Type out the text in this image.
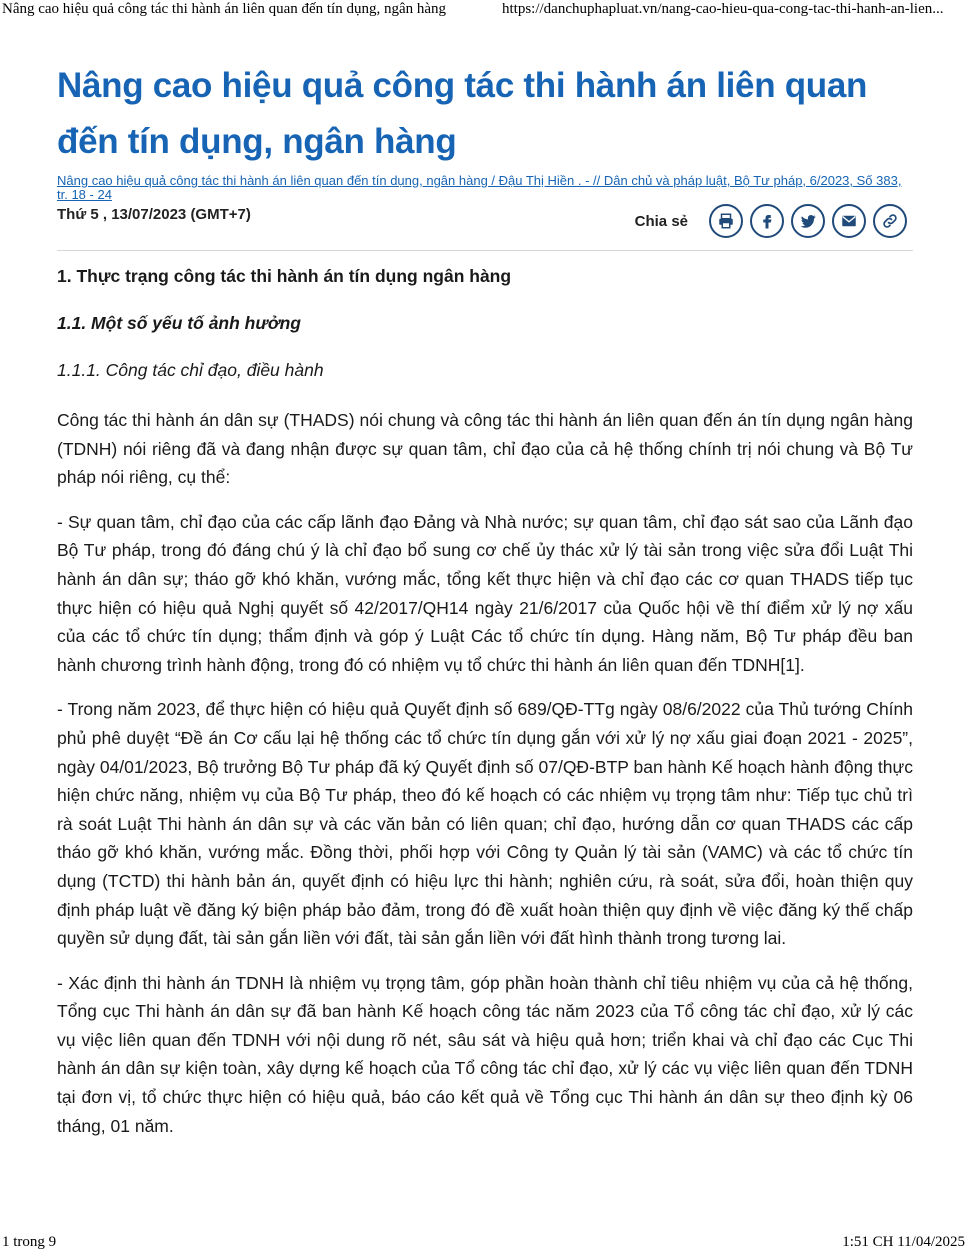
Nâng cao hiệu quả công tác thi hành án liên quan đến tín dụng, ngân hàng	https://danchuphapluat.vn/nang-cao-hieu-qua-cong-tac-thi-hanh-an-lien...
Nâng cao hiệu quả công tác thi hành án liên quan đến tín dụng, ngân hàng
Nâng cao hiệu quả công tác thi hành án liên quan đến tín dụng, ngân hàng / Đậu Thị Hiền . - // Dân chủ và pháp luật, Bộ Tư pháp, 6/2023, Số 383, tr. 18 - 24
Thứ 5 , 13/07/2023 (GMT+7)	Chia sẻ

1. Thực trạng công tác thi hành án tín dụng ngân hàng

1.1. Một số yếu tố ảnh hưởng

1.1.1. Công tác chỉ đạo, điều hành

Công tác thi hành án dân sự (THADS) nói chung và công tác thi hành án liên quan đến án tín dụng ngân hàng (TDNH) nói riêng đã và đang nhận được sự quan tâm, chỉ đạo của cả hệ thống chính trị nói chung và Bộ Tư pháp nói riêng, cụ thể:

- Sự quan tâm, chỉ đạo của các cấp lãnh đạo Đảng và Nhà nước; sự quan tâm, chỉ đạo sát sao của Lãnh đạo Bộ Tư pháp, trong đó đáng chú ý là chỉ đạo bổ sung cơ chế ủy thác xử lý tài sản trong việc sửa đổi Luật Thi hành án dân sự; tháo gỡ khó khăn, vướng mắc, tổng kết thực hiện và chỉ đạo các cơ quan THADS tiếp tục thực hiện có hiệu quả Nghị quyết số 42/2017/QH14 ngày 21/6/2017 của Quốc hội về thí điểm xử lý nợ xấu của các tổ chức tín dụng; thẩm định và góp ý Luật Các tổ chức tín dụng. Hàng năm, Bộ Tư pháp đều ban hành chương trình hành động, trong đó có nhiệm vụ tổ chức thi hành án liên quan đến TDNH[1].

- Trong năm 2023, để thực hiện có hiệu quả Quyết định số 689/QĐ-TTg ngày 08/6/2022 của Thủ tướng Chính phủ phê duyệt “Đề án Cơ cấu lại hệ thống các tổ chức tín dụng gắn với xử lý nợ xấu giai đoạn 2021 - 2025”, ngày 04/01/2023, Bộ trưởng Bộ Tư pháp đã ký Quyết định số 07/QĐ-BTP ban hành Kế hoạch hành động thực hiện chức năng, nhiệm vụ của Bộ Tư pháp, theo đó kế hoạch có các nhiệm vụ trọng tâm như: Tiếp tục chủ trì rà soát Luật Thi hành án dân sự và các văn bản có liên quan; chỉ đạo, hướng dẫn cơ quan THADS các cấp tháo gỡ khó khăn, vướng mắc. Đồng thời, phối hợp với Công ty Quản lý tài sản (VAMC) và các tổ chức tín dụng (TCTD) thi hành bản án, quyết định có hiệu lực thi hành; nghiên cứu, rà soát, sửa đổi, hoàn thiện quy định pháp luật về đăng ký biện pháp bảo đảm, trong đó đề xuất hoàn thiện quy định về việc đăng ký thế chấp quyền sử dụng đất, tài sản gắn liền với đất, tài sản gắn liền với đất hình thành trong tương lai.

- Xác định thi hành án TDNH là nhiệm vụ trọng tâm, góp phần hoàn thành chỉ tiêu nhiệm vụ của cả hệ thống, Tổng cục Thi hành án dân sự đã ban hành Kế hoạch công tác năm 2023 của Tổ công tác chỉ đạo, xử lý các vụ việc liên quan đến TDNH với nội dung rõ nét, sâu sát và hiệu quả hơn; triển khai và chỉ đạo các Cục Thi hành án dân sự kiện toàn, xây dựng kế hoạch của Tổ công tác chỉ đạo, xử lý các vụ việc liên quan đến TDNH tại đơn vị, tổ chức thực hiện có hiệu quả, báo cáo kết quả về Tổng cục Thi hành án dân sự theo định kỳ 06 tháng, 01 năm.

1 trong 9	1:51 CH 11/04/2025
